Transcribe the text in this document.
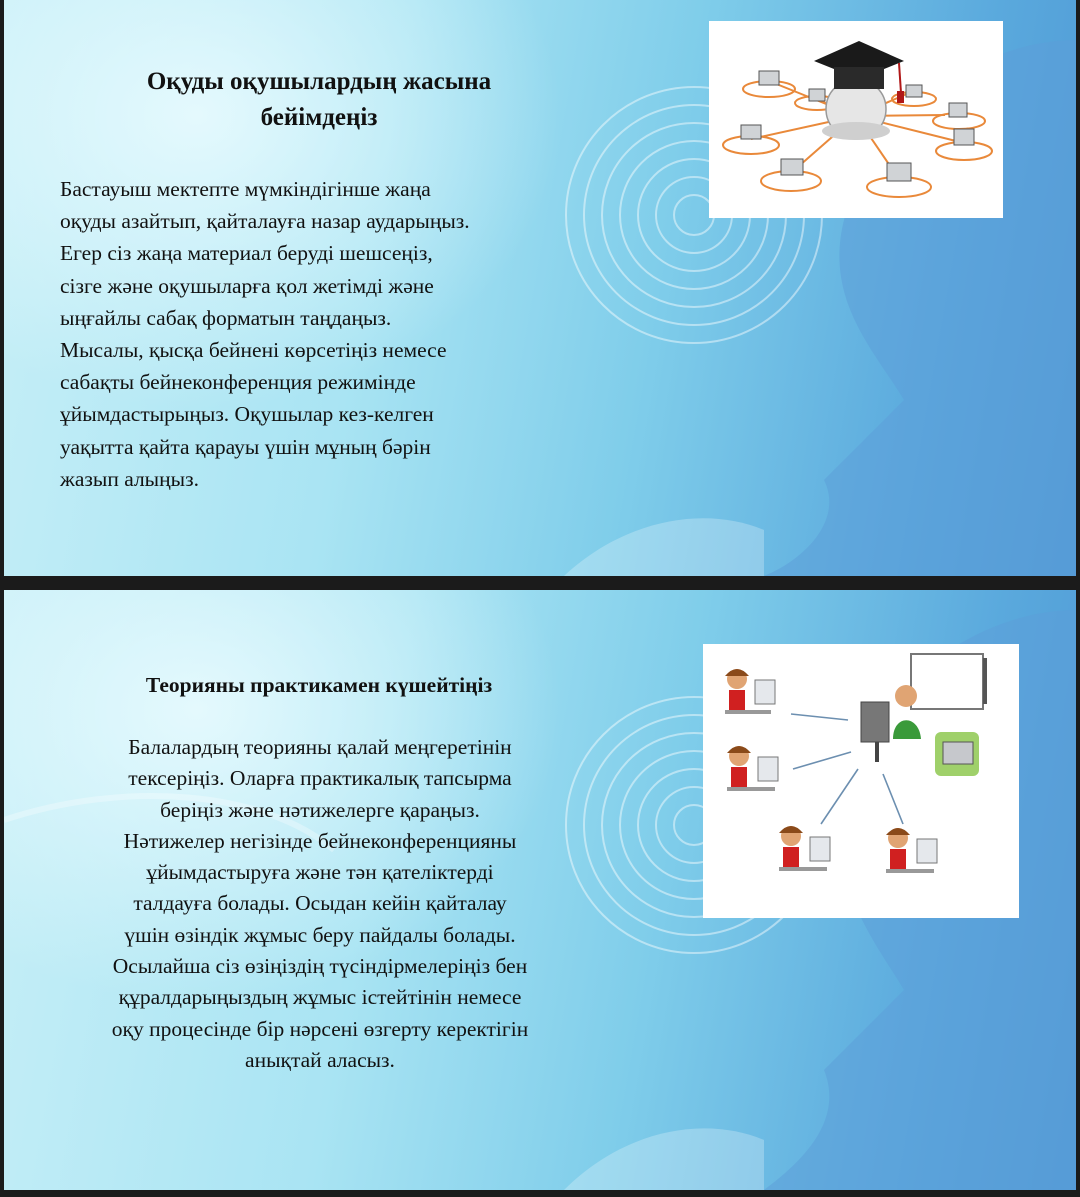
Оқуды оқушылардың жасына
бейімдеңіз

Бастауыш мектепте мүмкіндігінше жаңа
оқуды азайтып, қайталауға назар аударыңыз.
Егер сіз жаңа материал беруді шешсеңіз,
сізге және оқушыларға қол жетімді және
ыңғайлы сабақ форматын таңдаңыз.
Мысалы, қысқа бейнені көрсетіңіз немесе
сабақты бейнеконференция режимінде
ұйымдастырыңыз. Оқушылар кез-келген
уақытта қайта қарауы үшін мұның бәрін
жазып алыңыз.

Теорияны практикамен күшейтіңіз

Балалардың теорияны қалай меңгеретінін
тексеріңіз. Оларға практикалық тапсырма
беріңіз және нәтижелерге қараңыз.
Нәтижелер негізінде бейнеконференцияны
ұйымдастыруға және тән қателіктерді
талдауға болады. Осыдан кейін қайталау
үшін өзіндік жұмыс беру пайдалы болады.
Осылайша сіз өзіңіздің түсіндірмелеріңіз бен
құралдарыңыздың жұмыс істейтінін немесе
оқу процесінде бір нәрсені өзгерту керектігін
анықтай аласыз.
